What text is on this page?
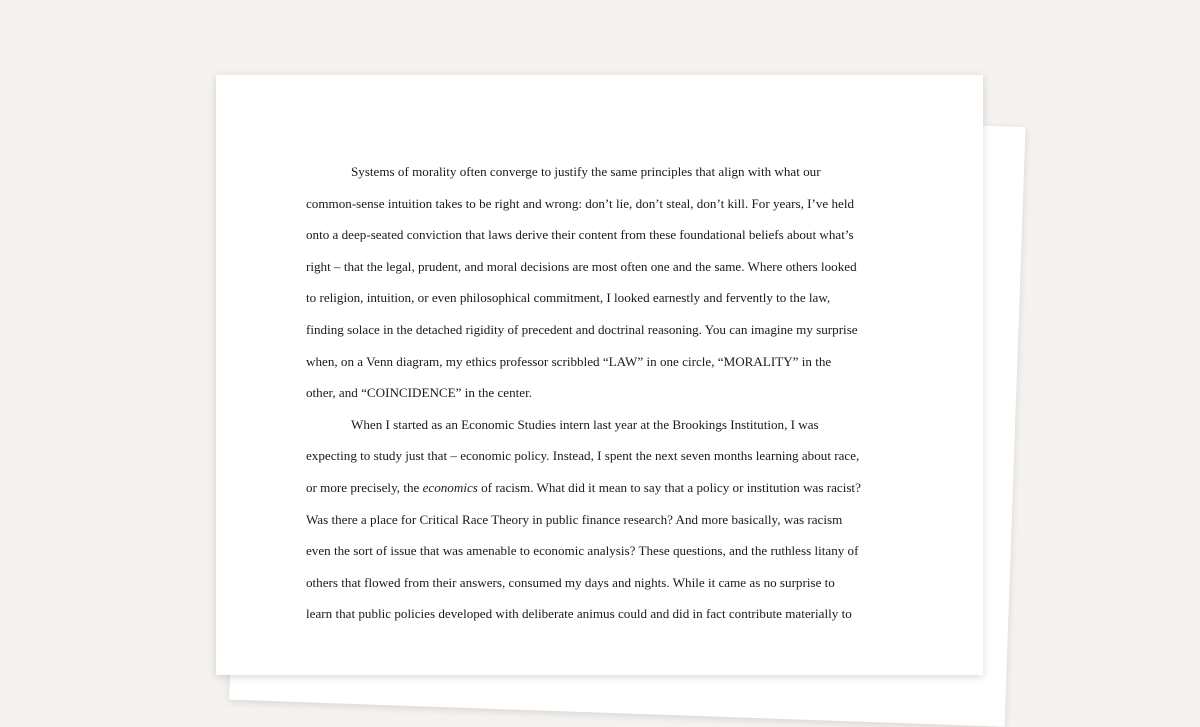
Systems of morality often converge to justify the same principles that align with what our
common-sense intuition takes to be right and wrong: don’t lie, don’t steal, don’t kill. For years, I’ve held
onto a deep-seated conviction that laws derive their content from these foundational beliefs about what’s
right – that the legal, prudent, and moral decisions are most often one and the same. Where others looked
to religion, intuition, or even philosophical commitment, I looked earnestly and fervently to the law,
finding solace in the detached rigidity of precedent and doctrinal reasoning. You can imagine my surprise
when, on a Venn diagram, my ethics professor scribbled “LAW” in one circle, “MORALITY” in the
other, and “COINCIDENCE” in the center.
When I started as an Economic Studies intern last year at the Brookings Institution, I was
expecting to study just that – economic policy. Instead, I spent the next seven months learning about race,
or more precisely, the economics of racism. What did it mean to say that a policy or institution was racist?
Was there a place for Critical Race Theory in public finance research? And more basically, was racism
even the sort of issue that was amenable to economic analysis? These questions, and the ruthless litany of
others that flowed from their answers, consumed my days and nights. While it came as no surprise to
learn that public policies developed with deliberate animus could and did in fact contribute materially to
